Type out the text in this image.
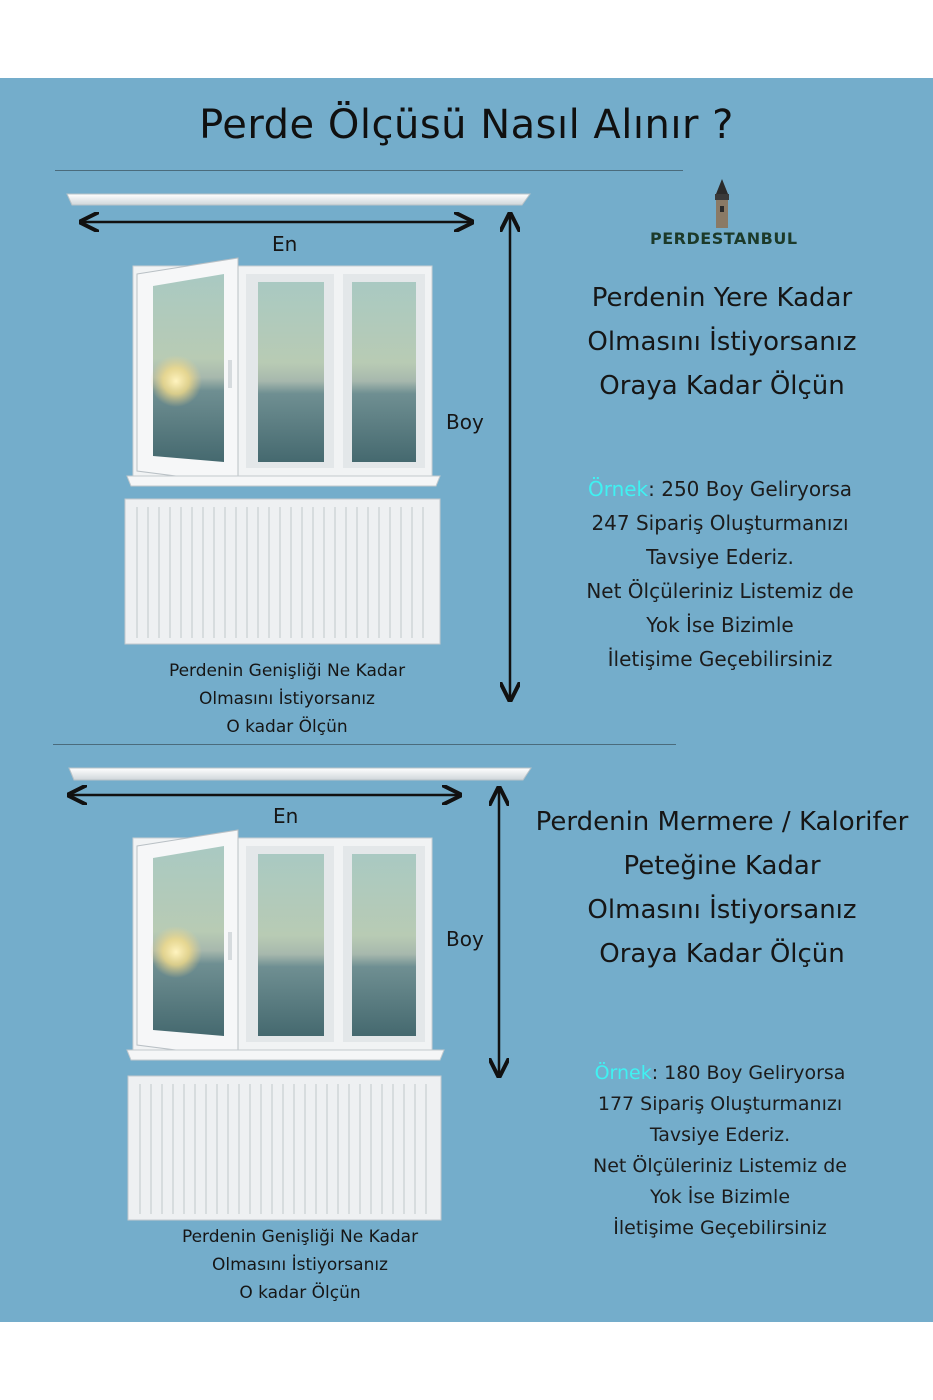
Perde Ölçüsü Nasıl Alınır ?
En
Boy
PERDESTANBUL
Perdenin Yere Kadar
Olmasını İstiyorsanız
Oraya Kadar Ölçün
Örnek: 250 Boy Geliryorsa
247 Sipariş Oluşturmanızı
Tavsiye Ederiz.
Net Ölçüleriniz Listemiz de
Yok İse Bizimle
İletişime Geçebilirsiniz
Perdenin Genişliği Ne Kadar
Olmasını İstiyorsanız
O kadar Ölçün
En
Boy
Perdenin Mermere / Kalorifer
Peteğine Kadar
Olmasını İstiyorsanız
Oraya Kadar Ölçün
Örnek: 180 Boy Geliryorsa
177 Sipariş Oluşturmanızı
Tavsiye Ederiz.
Net Ölçüleriniz Listemiz de
Yok İse Bizimle
İletişime Geçebilirsiniz
Perdenin Genişliği Ne Kadar
Olmasını İstiyorsanız
O kadar Ölçün
